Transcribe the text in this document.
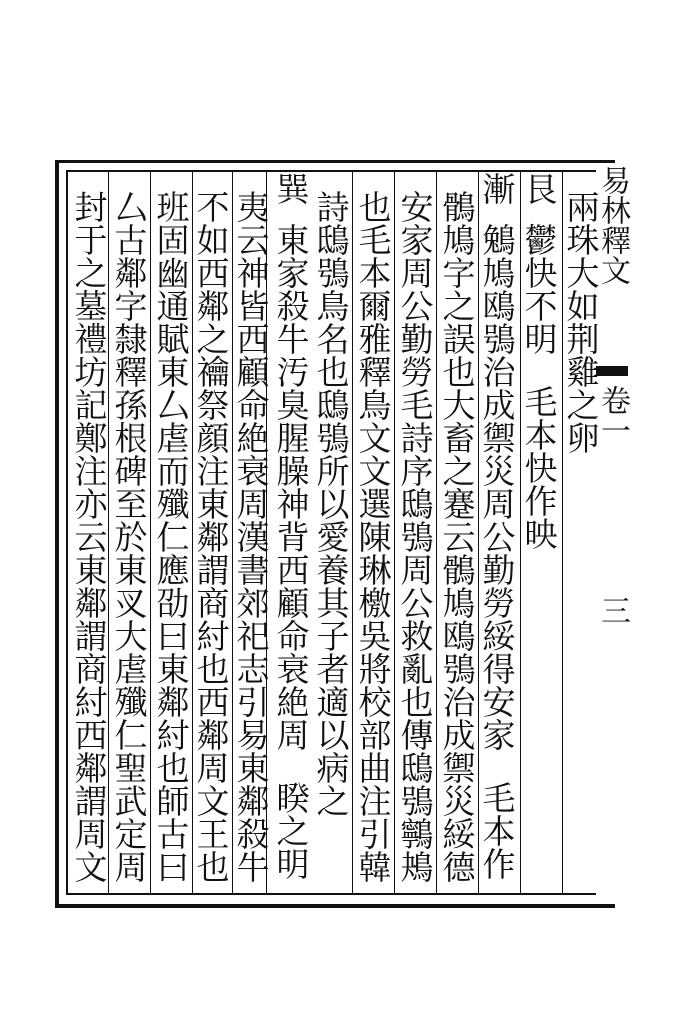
易林釋文
卷一
三
兩珠大如荆雞之卵
艮
鬱快不明
毛本快作映
漸
鵵鳩鴎鴞治成禦災周公勤勞綏得安家
毛本作
鶻鳩字之誤也大畜之蹇云鶻鳩鴎鴞治成禦災綏德
安家周公勤勞毛詩序鴟鴞周公救亂也傳鴟鴞鸋鴂
也毛本爾雅釋鳥文文選陳琳檄吳將校部曲注引韓
詩鴟鴞鳥名也鴟鴞所以愛養其子者適以病之
巽
東家殺牛汚臭腥臊神背西顧命衰絶周
睽之明
夷云神皆西顧命絶衰周漢書郊祀志引易東鄰殺牛
不如西鄰之禴祭顔注東鄰謂商紂也西鄰周文王也
班固幽通賦東厶虐而殲仁應劭曰東鄰紂也師古曰
厶古鄰字隸釋孫根碑至於東㕚大虐殲仁聖武定周
封于之墓禮坊記鄭注亦云東鄰謂商紂西鄰謂周文
